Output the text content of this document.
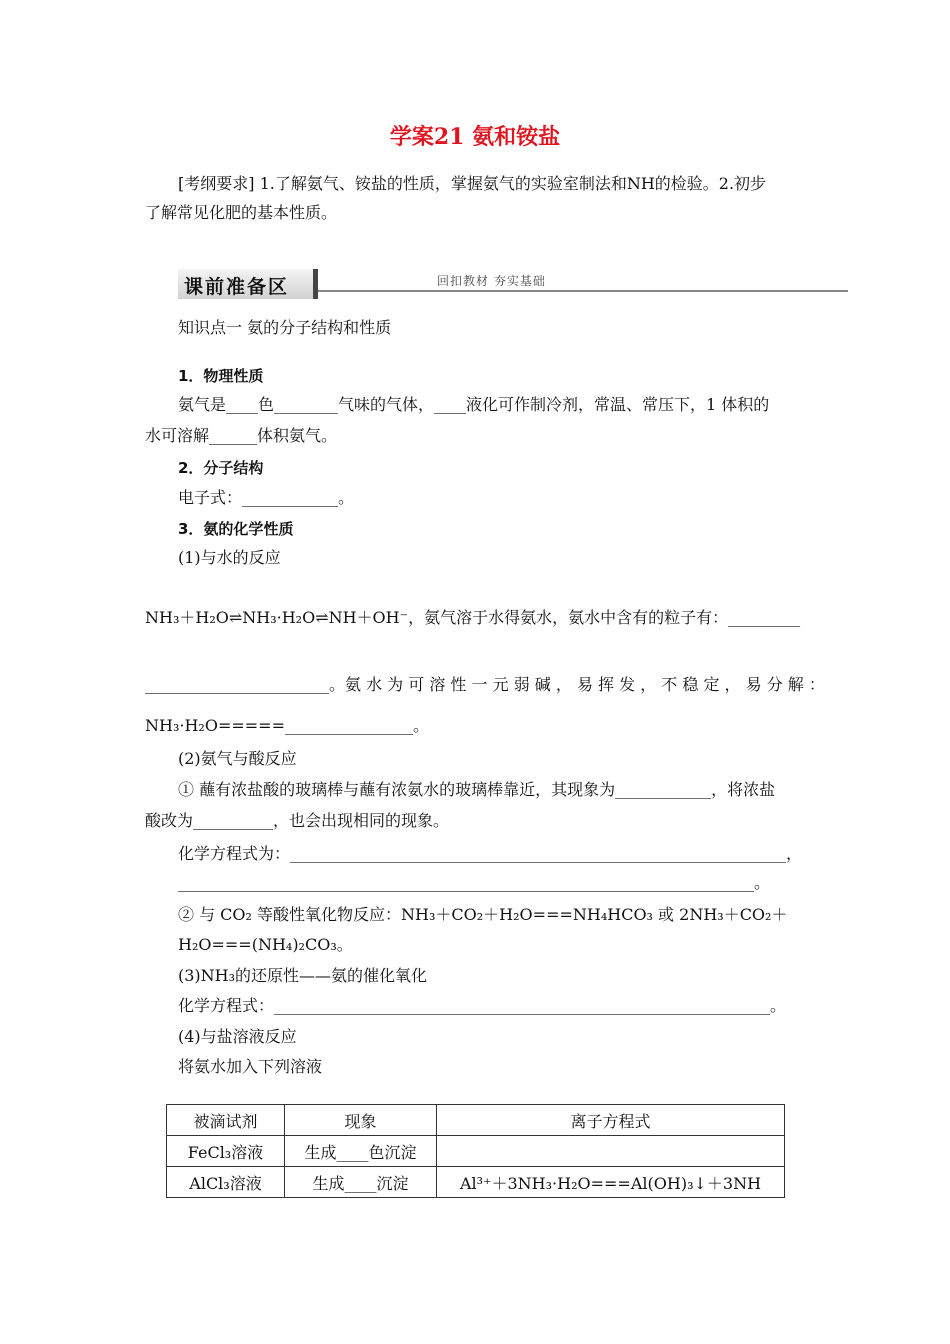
学案21 氨和铵盐
[考纲要求] 1.了解氨气、铵盐的性质，掌握氨气的实验室制法和NH的检验。2.初步
了解常见化肥的基本性质。
课前准备区	回扣教材 夯实基础
知识点一 氨的分子结构和性质
1．物理性质
氨气是____色________气味的气体，____液化可作制冷剂，常温、常压下，1 体积的
水可溶解______体积氨气。
2．分子结构
电子式：____________。
3．氨的化学性质
(1)与水的反应
NH₃＋H₂O⇌NH₃·H₂O⇌NH＋OH⁻，氨气溶于水得氨水，氨水中含有的粒子有：_________
_______________________。氨 水 为 可 溶 性 一 元 弱 碱 ， 易 挥 发 ， 不 稳 定 ， 易 分 解 ：
NH₃·H₂O=====________________。
(2)氨气与酸反应
① 蘸有浓盐酸的玻璃棒与蘸有浓氨水的玻璃棒靠近，其现象为____________，将浓盐
酸改为__________，也会出现相同的现象。
化学方程式为：______________________________________________________________，
________________________________________________________________________。
② 与 CO₂ 等酸性氧化物反应：NH₃＋CO₂＋H₂O===NH₄HCO₃ 或 2NH₃＋CO₂＋
H₂O===(NH₄)₂CO₃。
(3)NH₃的还原性——氨的催化氧化
化学方程式：______________________________________________________________。
(4)与盐溶液反应
将氨水加入下列溶液
被滴试剂	现象	离子方程式
FeCl₃溶液	生成____色沉淀	
AlCl₃溶液	生成____沉淀	Al³⁺＋3NH₃·H₂O===Al(OH)₃↓＋3NH
